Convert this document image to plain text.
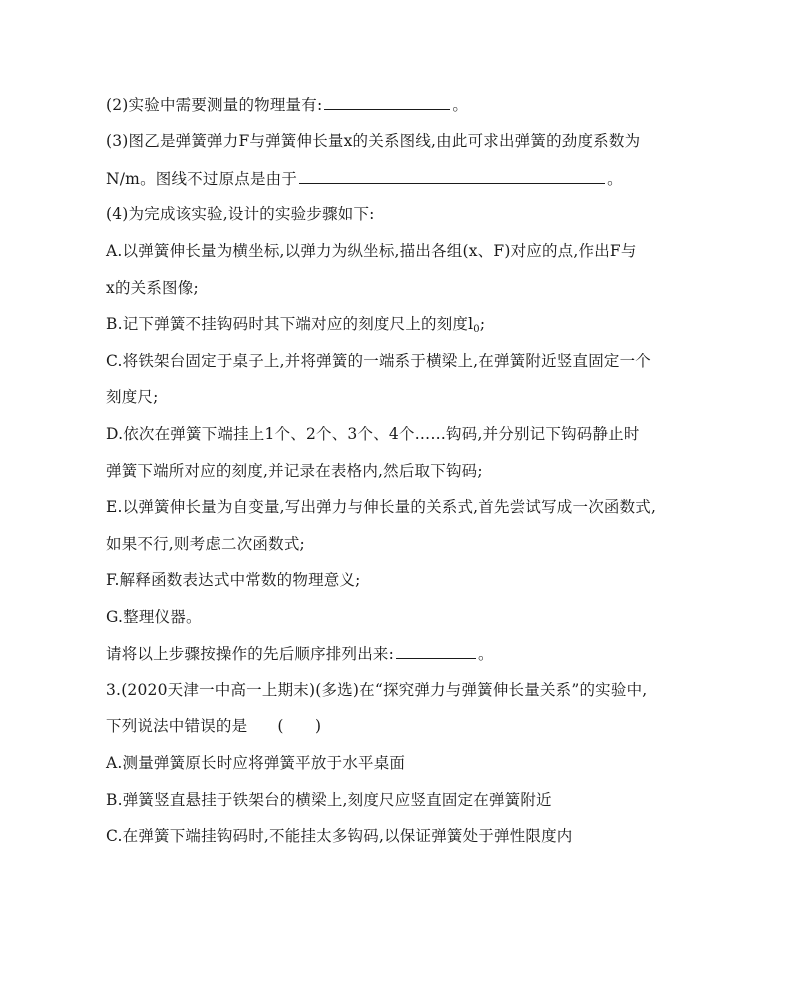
(2)实验中需要测量的物理量有:	。
(3)图乙是弹簧弹力F与弹簧伸长量x的关系图线,由此可求出弹簧的劲度系数为
N/m。图线不过原点是由于	。
(4)为完成该实验,设计的实验步骤如下:
A.以弹簧伸长量为横坐标,以弹力为纵坐标,描出各组(x、F)对应的点,作出F与
x的关系图像;
B.记下弹簧不挂钩码时其下端对应的刻度尺上的刻度$l_0$;
C.将铁架台固定于桌子上,并将弹簧的一端系于横梁上,在弹簧附近竖直固定一个
刻度尺;
D.依次在弹簧下端挂上1个、2个、3个、4个……钩码,并分别记下钩码静止时
弹簧下端所对应的刻度,并记录在表格内,然后取下钩码;
E.以弹簧伸长量为自变量,写出弹力与伸长量的关系式,首先尝试写成一次函数式,
如果不行,则考虑二次函数式;
F.解释函数表达式中常数的物理意义;
G.整理仪器。
请将以上步骤按操作的先后顺序排列出来:	。
3.(2020天津一中高一上期末)(多选)在“探究弹力与弹簧伸长量关系”的实验中,
下列说法中错误的是 (　　)
A.测量弹簧原长时应将弹簧平放于水平桌面
B.弹簧竖直悬挂于铁架台的横梁上,刻度尺应竖直固定在弹簧附近
C.在弹簧下端挂钩码时,不能挂太多钩码,以保证弹簧处于弹性限度内
